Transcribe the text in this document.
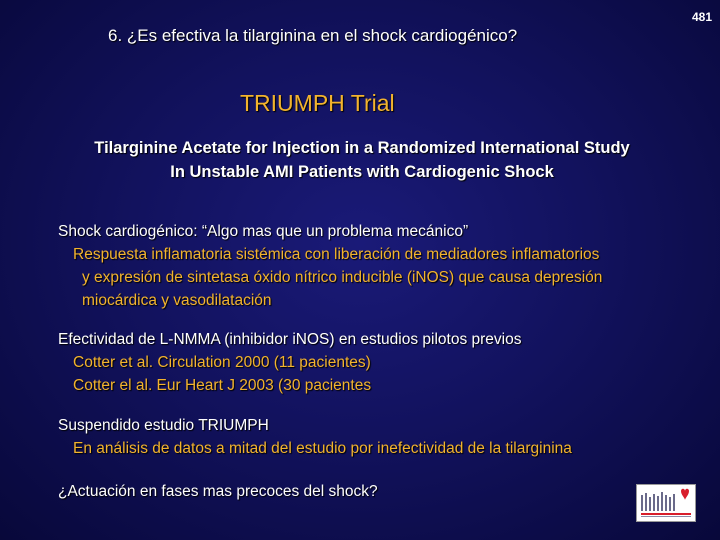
481
6. ¿Es efectiva la tilarginina en el shock cardiogénico?
TRIUMPH Trial
Tilarginine Acetate for Injection in a Randomized International Study
In Unstable AMI Patients with Cardiogenic Shock
Shock cardiogénico: “Algo mas que un problema mecánico”
Respuesta inflamatoria sistémica con liberación de mediadores inflamatorios
y expresión de sintetasa óxido nítrico inducible (iNOS) que causa depresión
miocárdica y vasodilatación
Efectividad de L-NMMA (inhibidor iNOS) en estudios pilotos previos
Cotter et al. Circulation 2000 (11 pacientes)
Cotter el al. Eur Heart J 2003 (30 pacientes
Suspendido estudio TRIUMPH
En análisis de datos a mitad del estudio por inefectividad de la tilarginina
¿Actuación en fases mas precoces del shock?
